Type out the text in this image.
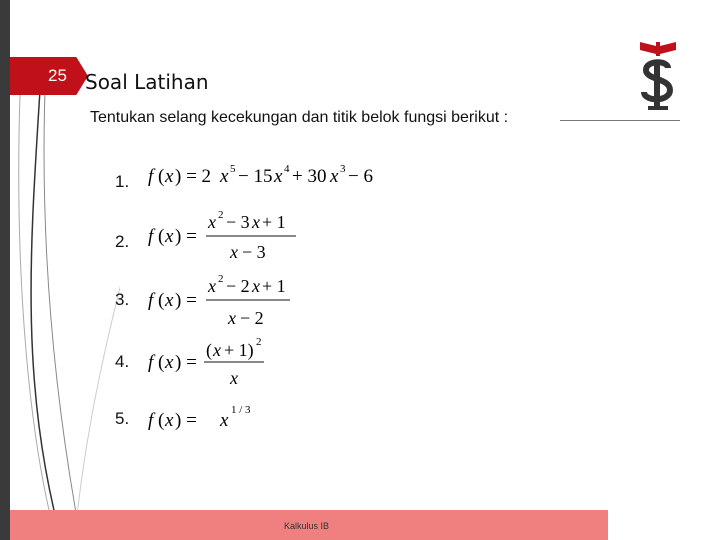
25 Soal Latihan
Tentukan selang kecekungan dan titik belok fungsi berikut :
1. f ( x ) = 2 x 5 − 15 x 4 + 30 x 3 − 6
2. f ( x ) =
x 2 − 3 x + 1
x − 3
3. f ( x ) =
x 2 − 2 x + 1
x − 2
4. f ( x ) =
( x + 1) 2
x
5. f ( x ) = x 1 / 3
Kalkulus IB
